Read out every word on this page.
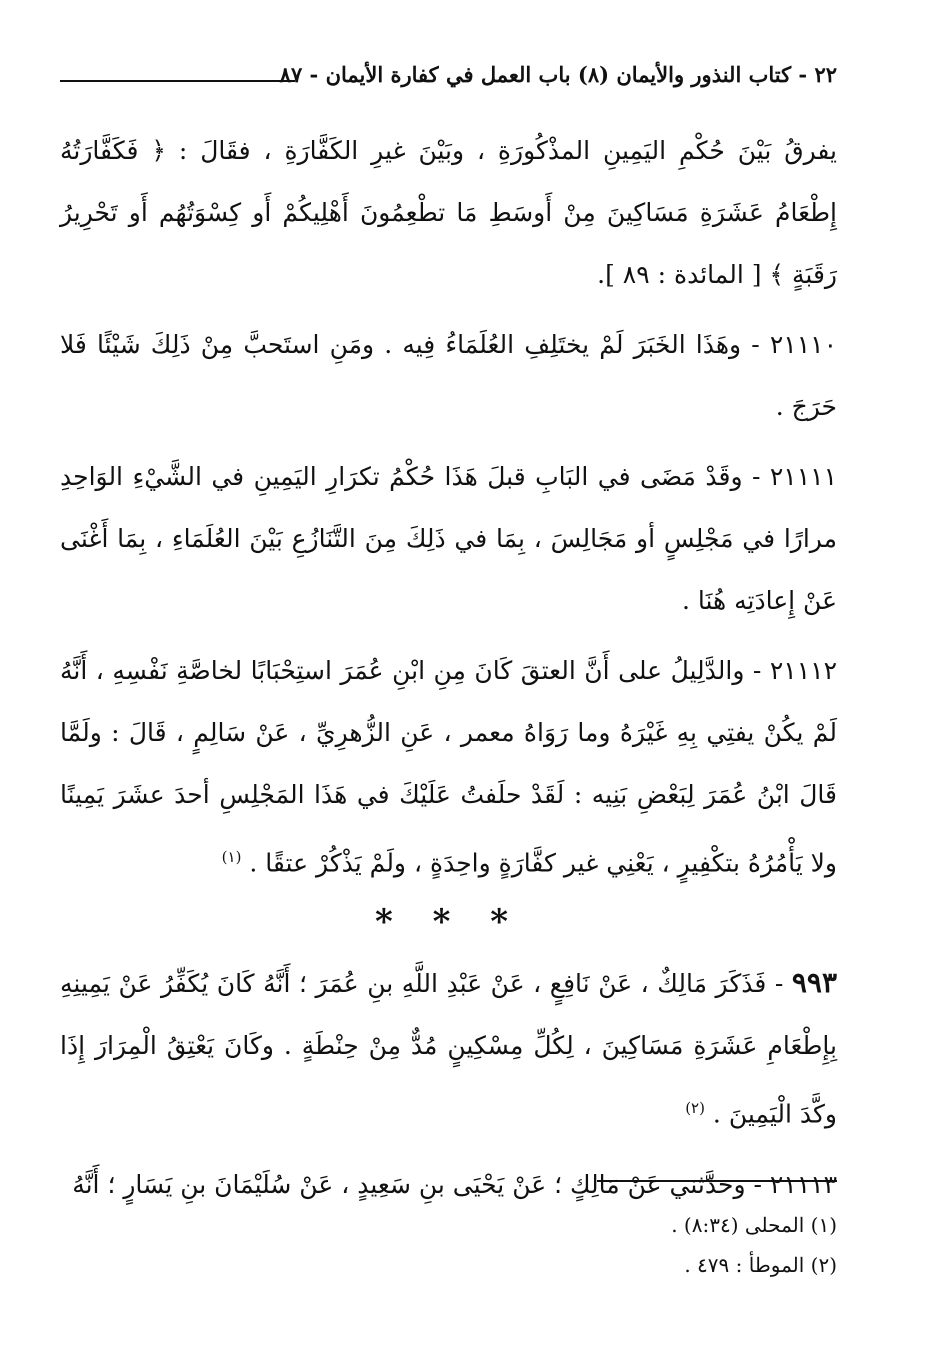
٢٢ - كتاب النذور والأيمان (٨) باب العمل في كفارة الأيمان - ٨٧

يفرقُ بَيْنَ حُكْمِ اليَمِينِ المذْكُورَةِ ، وبَيْنَ غيرِ الكَفَّارَةِ ، فقَالَ : ﴿ فَكَفَّارَتُهُ إِطْعَامُ عَشَرَةِ مَسَاكِينَ مِنْ أَوسَطِ مَا تطْعِمُونَ أَهْلِيكُمْ أَو كِسْوَتُهُم أَو تَحْرِيرُ رَقَبَةٍ ﴾ [ المائدة : ٨٩ ].

٢١١١٠ - وهَذَا الخَبَرَ لَمْ يختَلِفِ العُلَمَاءُ فِيه . ومَنِ استَحبَّ مِنْ ذَلِكَ شَيْئًا فَلا حَرَجَ .

٢١١١١ - وقَدْ مَضَى في البَابِ قبلَ هَذَا حُكْمُ تكرَارِ اليَمِينِ في الشَّيْءِ الوَاحِدِ مرارًا في مَجْلِسٍ أو مَجَالِسَ ، بِمَا في ذَلِكَ مِنَ التَّنَازُعِ بَيْنَ العُلَمَاءِ ، بِمَا أَغْنَى عَنْ إِعادَتِه هُنَا .

٢١١١٢ - والدَّلِيلُ على أَنَّ العتقَ كَانَ مِنِ ابْنِ عُمَرَ استِحْبَابًا لخاصَّةِ نَفْسِهِ ، أَنَّهُ لَمْ يكُنْ يفتِي بِهِ غَيْرَهُ وما رَوَاهُ معمر ، عَنِ الزُّهرِيِّ ، عَنْ سَالِمٍ ، قَالَ : ولَمَّا قَالَ ابْنُ عُمَرَ لِبَعْضِ بَنِيه : لَقَدْ حلَفتُ عَلَيْكَ في هَذَا المَجْلِسِ أحدَ عشَرَ يَمِينًا ولا يَأْمُرُهُ بتكْفِيرٍ ، يَعْنِي غير كفَّارَةٍ واحِدَةٍ ، ولَمْ يَذْكُرْ عتقًا . $^{(١)}$

* * *

٩٩٣ - فَذَكَرَ مَالِكٌ ، عَنْ نَافِعٍ ، عَنْ عَبْدِ اللَّهِ بنِ عُمَرَ ؛ أَنَّهُ كَانَ يُكَفِّرُ عَنْ يَمِينِهِ بِإِطْعَامِ عَشَرَةِ مَسَاكِينَ ، لِكُلِّ مِسْكِينٍ مُدٌّ مِنْ حِنْطَةٍ . وكَانَ يَعْتِقُ الْمِرَارَ إِذَا وكَّدَ الْيَمِينَ . $^{(٢)}$

٢١١١٣ - وحدَّثني عَنْ مَالِكٍ ؛ عَنْ يَحْيَى بنِ سَعِيدٍ ، عَنْ سُلَيْمَانَ بنِ يَسَارٍ ؛ أَنَّهُ

(١) المحلى (٨:٣٤) .
(٢) الموطأ : ٤٧٩ .
